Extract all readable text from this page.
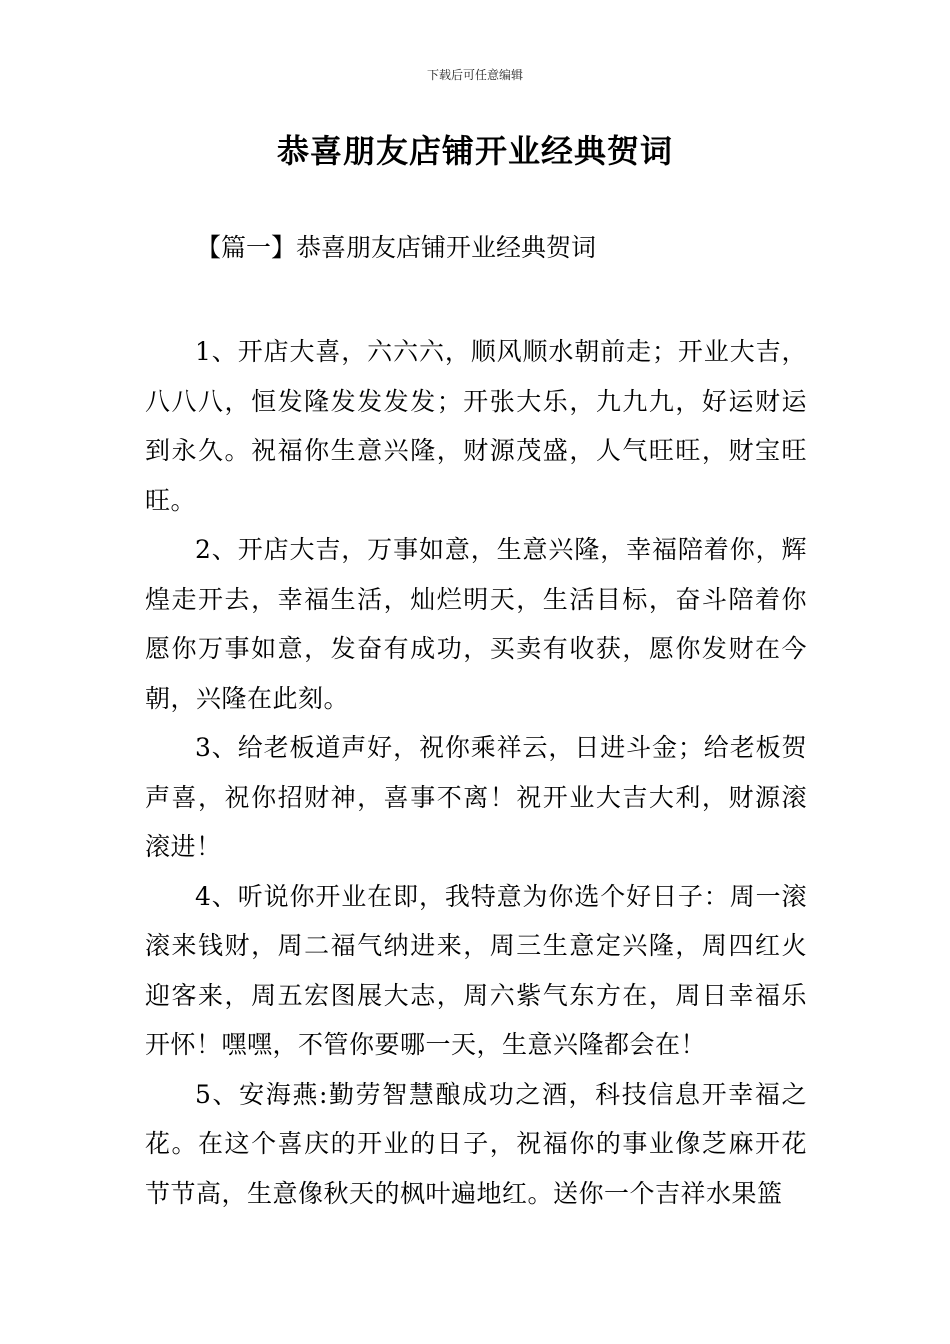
下载后可任意编辑
恭喜朋友店铺开业经典贺词
【篇一】恭喜朋友店铺开业经典贺词

1、开店大喜，六六六，顺风顺水朝前走；开业大吉，八八八，恒发隆发发发发；开张大乐，九九九，好运财运到永久。祝福你生意兴隆，财源茂盛，人气旺旺，财宝旺旺。

2、开店大吉，万事如意，生意兴隆，幸福陪着你，辉煌走开去，幸福生活，灿烂明天，生活目标，奋斗陪着你愿你万事如意，发奋有成功，买卖有收获，愿你发财在今朝，兴隆在此刻。

3、给老板道声好，祝你乘祥云，日进斗金；给老板贺声喜，祝你招财神，喜事不离！祝开业大吉大利，财源滚滚进！

4、听说你开业在即，我特意为你选个好日子：周一滚滚来钱财，周二福气纳进来，周三生意定兴隆，周四红火迎客来，周五宏图展大志，周六紫气东方在，周日幸福乐开怀！嘿嘿，不管你要哪一天，生意兴隆都会在！

5、安海燕:勤劳智慧酿成功之酒，科技信息开幸福之花。在这个喜庆的开业的日子，祝福你的事业像芝麻开花节节高，生意像秋天的枫叶遍地红。送你一个吉祥水果篮
